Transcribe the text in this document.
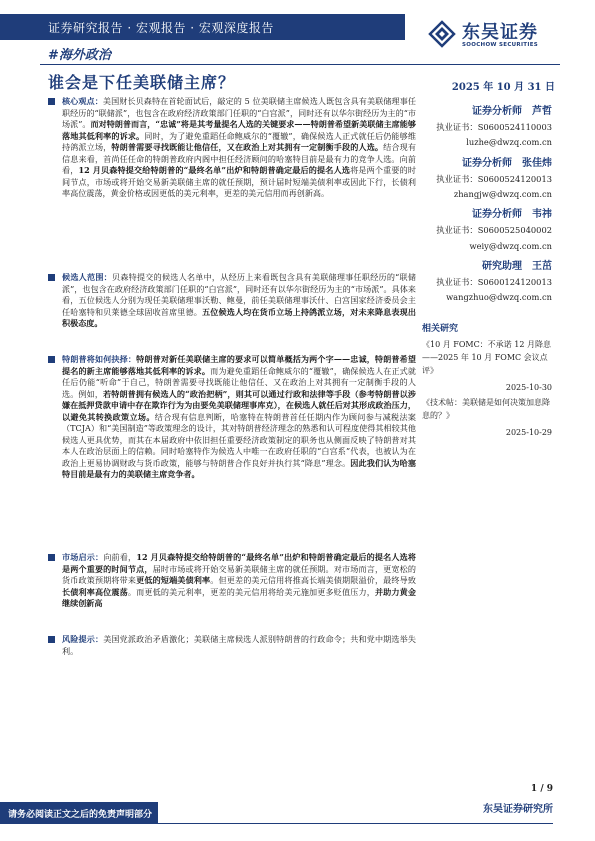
证券研究报告 · 宏观报告 · 宏观深度报告	东吴证券
SOOCHOW SECURITIES
#海外政治
谁会是下任美联储主席？	2025 年 10 月 31 日
核心观点：美国财长贝森特在首轮面试后，敲定的 5 位美联储主席候选人既包含具有美联储理事任职经历的“联储派”，也包含在政府经济政策部门任职的“白宫派”，同时还有以华尔街经历为主的“市场派”。而对特朗普而言，“忠诚”将是其考量提名人选的关键要求——特朗普希望新美联储主席能够落地其低利率的诉求。同时，为了避免重蹈任命鲍威尔的“覆辙”，确保候选人正式就任后仍能够维持鸽派立场，特朗普需要寻找既能让他信任，又在政治上对其拥有一定制衡手段的人选。结合现有信息来看，首尚任任命的特朗普政府内阁中担任经济顾问的哈塞特目前是最有力的竞争人选。向前看，12 月贝森特提交给特朗普的“最终名单”出炉和特朗普确定最后的提名人选将是两个重要的时间节点，市场或将开始交易新美联储主席的就任预期，预计届时短端美债利率或因此下行，长债利率高位震荡，黄金价格或因更低的美元利率，更差的美元信用而再创新高。
候选人范围：贝森特提交的候选人名单中，从经历上来看既包含具有美联储理事任职经历的“联储派”，也包含在政府经济政策部门任职的“白宫派”，同时还有以华尔街经历为主的“市场派”。具体来看，五位候选人分别为现任美联储理事沃勒、鲍曼，前任美联储理事沃什、白宫国家经济委员会主任哈塞特和贝莱德全球固收首席里德。五位候选人均在货币立场上持鸽派立场，对未来降息表现出积极态度。
特朗普将如何抉择：特朗普对新任美联储主席的要求可以简单概括为两个字——忠诚，特朗普希望提名的新主席能够落地其低利率的诉求。而为避免重蹈任命鲍威尔的“覆辙”，确保候选人在正式就任后仍能“听命”于自己，特朗普需要寻找既能让他信任、又在政治上对其拥有一定制衡手段的人选。例如，若特朗普拥有候选人的“政治把柄”，则其可以通过行政和法律等手段（参考特朗普以涉嫌在抵押贷款申请中存在欺诈行为为由要免美联储理事库克），在候选人就任后对其形成政治压力，以避免其转换政策立场。结合现有信息判断，哈塞特在特朗普首任任期内作为顾问参与减税法案（TCJA）和“美国制造”等政策理念的设计，其对特朗普经济理念的熟悉和认可程度使得其相较其他候选人更具优势，而其在本届政府中依旧担任重要经济政策制定的职务也从侧面反映了特朗普对其本人在政治层面上的信赖。同时哈塞特作为候选人中唯一在政府任职的“白宫系”代表，也被认为在政治上更易协调财政与货币政策，能够与特朗普合作良好并执行其“降息”理念。因此我们认为哈塞特目前是最有力的美联储主席竞争者。
市场启示：向前看，12 月贝森特提交给特朗普的“最终名单”出炉和特朗普确定最后的提名人选将是两个重要的时间节点，届时市场或将开始交易新美联储主席的就任预期。对市场而言，更宽松的货币政策预期将带来更低的短端美债利率。但更差的美元信用将推高长端美债期限溢价，最终导致长债利率高位震荡。而更低的美元利率，更差的美元信用将给美元施加更多贬值压力，并助力黄金继续创新高
风险提示：美国党派政治矛盾激化；美联储主席候选人派别特朗普的行政命令；共和党中期选举失利。
证券分析师 芦哲
执业证书：S0600524110003
luzhe@dwzq.com.cn
证券分析师 张佳炜
执业证书：S0600524120013
zhangjw@dwzq.com.cn
证券分析师 韦祎
执业证书：S0600525040002
weiy@dwzq.com.cn
研究助理 王茁
执业证书：S0600124120013
wangzhuo@dwzq.com.cn
相关研究
《10 月 FOMC：不承诺 12 月降息——2025 年 10 月 FOMC 会议点评》
2025-10-30
《技术帖：美联储是如何决策加息降息的？》
2025-10-29
1 / 9
请务必阅读正文之后的免责声明部分	东吴证券研究所
